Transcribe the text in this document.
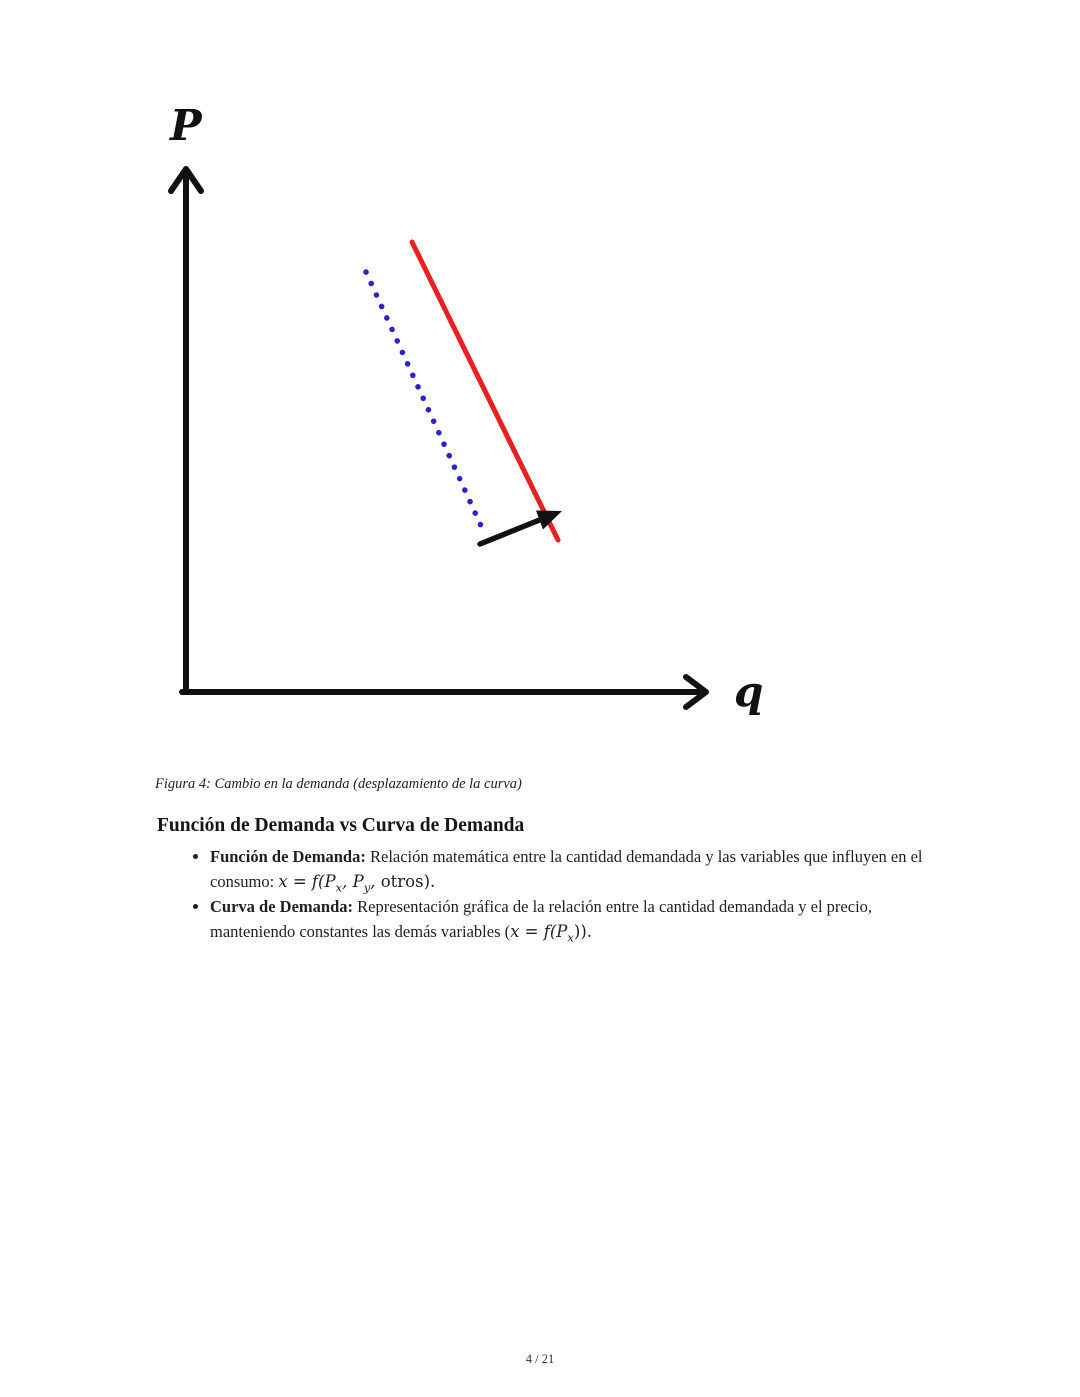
P
q
Figura 4: Cambio en la demanda (desplazamiento de la curva)
Función de Demanda vs Curva de Demanda
• Función de Demanda: Relación matemática entre la cantidad demandada y las variables que influyen en el consumo: $x = f(P_x$, $P_y$, otros).
• Curva de Demanda: Representación gráfica de la relación entre la cantidad demandada y el precio, manteniendo constantes las demás variables $(x = f(P_x))$.
4 / 21
